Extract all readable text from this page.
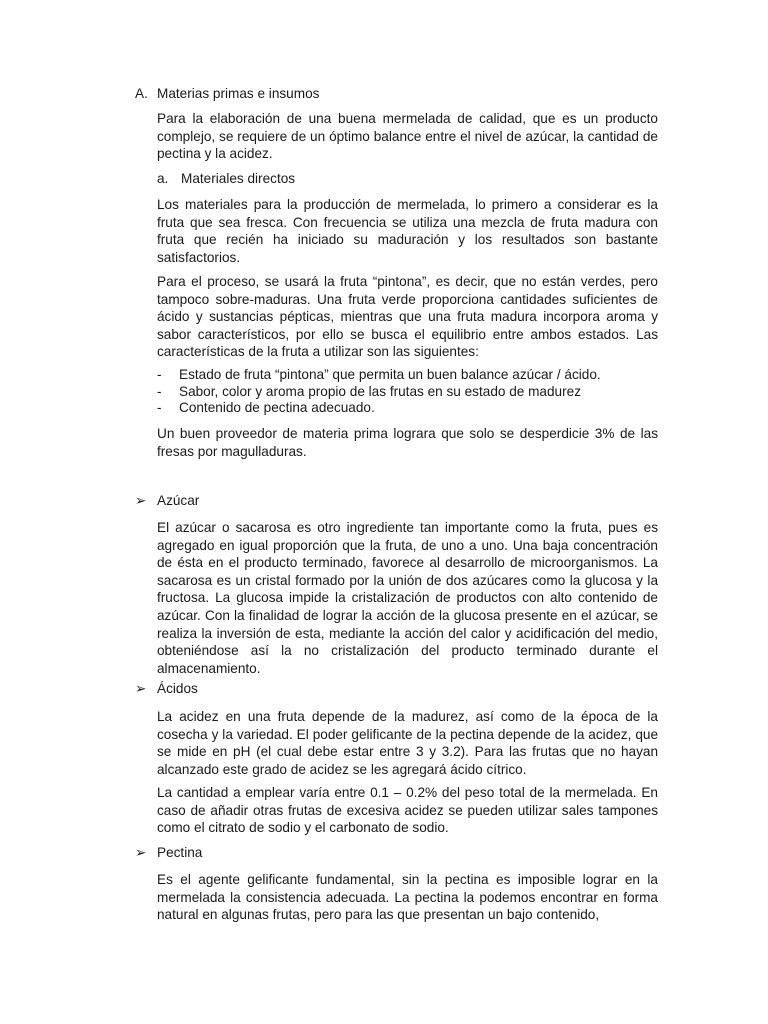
A. Materias primas e insumos

Para la elaboración de una buena mermelada de calidad, que es un producto complejo, se requiere de un óptimo balance entre el nivel de azúcar, la cantidad de pectina y la acidez.

a. Materiales directos

Los materiales para la producción de mermelada, lo primero a considerar es la fruta que sea fresca. Con frecuencia se utiliza una mezcla de fruta madura con fruta que recién ha iniciado su maduración y los resultados son bastante satisfactorios.

Para el proceso, se usará la fruta “pintona”, es decir, que no están verdes, pero tampoco sobre-maduras. Una fruta verde proporciona cantidades suficientes de ácido y sustancias pépticas, mientras que una fruta madura incorpora aroma y sabor característicos, por ello se busca el equilibrio entre ambos estados. Las características de la fruta a utilizar son las siguientes:

-	Estado de fruta “pintona” que permita un buen balance azúcar / ácido.
-	Sabor, color y aroma propio de las frutas en su estado de madurez
-	Contenido de pectina adecuado.

Un buen proveedor de materia prima lograra que solo se desperdicie 3% de las fresas por magulladuras.

➢ Azúcar

El azúcar o sacarosa es otro ingrediente tan importante como la fruta, pues es agregado en igual proporción que la fruta, de uno a uno. Una baja concentración de ésta en el producto terminado, favorece al desarrollo de microorganismos. La sacarosa es un cristal formado por la unión de dos azúcares como la glucosa y la fructosa. La glucosa impide la cristalización de productos con alto contenido de azúcar. Con la finalidad de lograr la acción de la glucosa presente en el azúcar, se realiza la inversión de esta, mediante la acción del calor y acidificación del medio, obteniéndose así la no cristalización del producto terminado durante el almacenamiento.

➢ Ácidos

La acidez en una fruta depende de la madurez, así como de la época de la cosecha y la variedad. El poder gelificante de la pectina depende de la acidez, que se mide en pH (el cual debe estar entre 3 y 3.2). Para las frutas que no hayan alcanzado este grado de acidez se les agregará ácido cítrico.

La cantidad a emplear varía entre 0.1 – 0.2% del peso total de la mermelada. En caso de añadir otras frutas de excesiva acidez se pueden utilizar sales tampones como el citrato de sodio y el carbonato de sodio.

➢ Pectina

Es el agente gelificante fundamental, sin la pectina es imposible lograr en la mermelada la consistencia adecuada. La pectina la podemos encontrar en forma natural en algunas frutas, pero para las que presentan un bajo contenido,
